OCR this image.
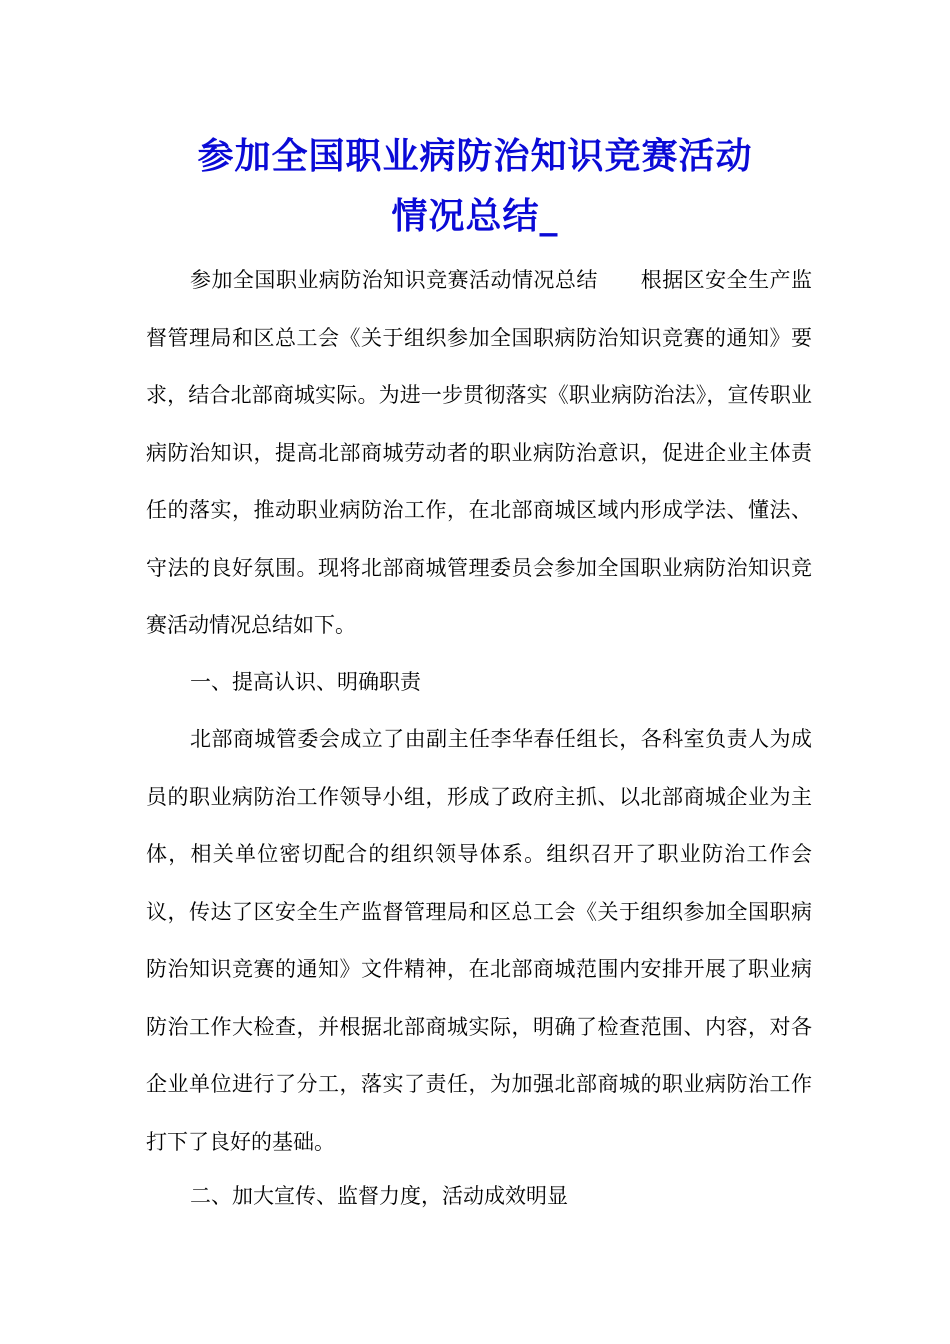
参加全国职业病防治知识竞赛活动
情况总结_
参加全国职业病防治知识竞赛活动情况总结　　根据区安全生产监督管理局和区总工会《关于组织参加全国职病防治知识竞赛的通知》要求，结合北部商城实际。为进一步贯彻落实《职业病防治法》，宣传职业病防治知识，提高北部商城劳动者的职业病防治意识，促进企业主体责任的落实，推动职业病防治工作，在北部商城区域内形成学法、懂法、守法的良好氛围。现将北部商城管理委员会参加全国职业病防治知识竞赛活动情况总结如下。
一、提高认识、明确职责
北部商城管委会成立了由副主任李华春任组长，各科室负责人为成员的职业病防治工作领导小组，形成了政府主抓、以北部商城企业为主体，相关单位密切配合的组织领导体系。组织召开了职业防治工作会议，传达了区安全生产监督管理局和区总工会《关于组织参加全国职病防治知识竞赛的通知》文件精神，在北部商城范围内安排开展了职业病防治工作大检查，并根据北部商城实际，明确了检查范围、内容，对各企业单位进行了分工，落实了责任，为加强北部商城的职业病防治工作打下了良好的基础。
二、加大宣传、监督力度，活动成效明显
